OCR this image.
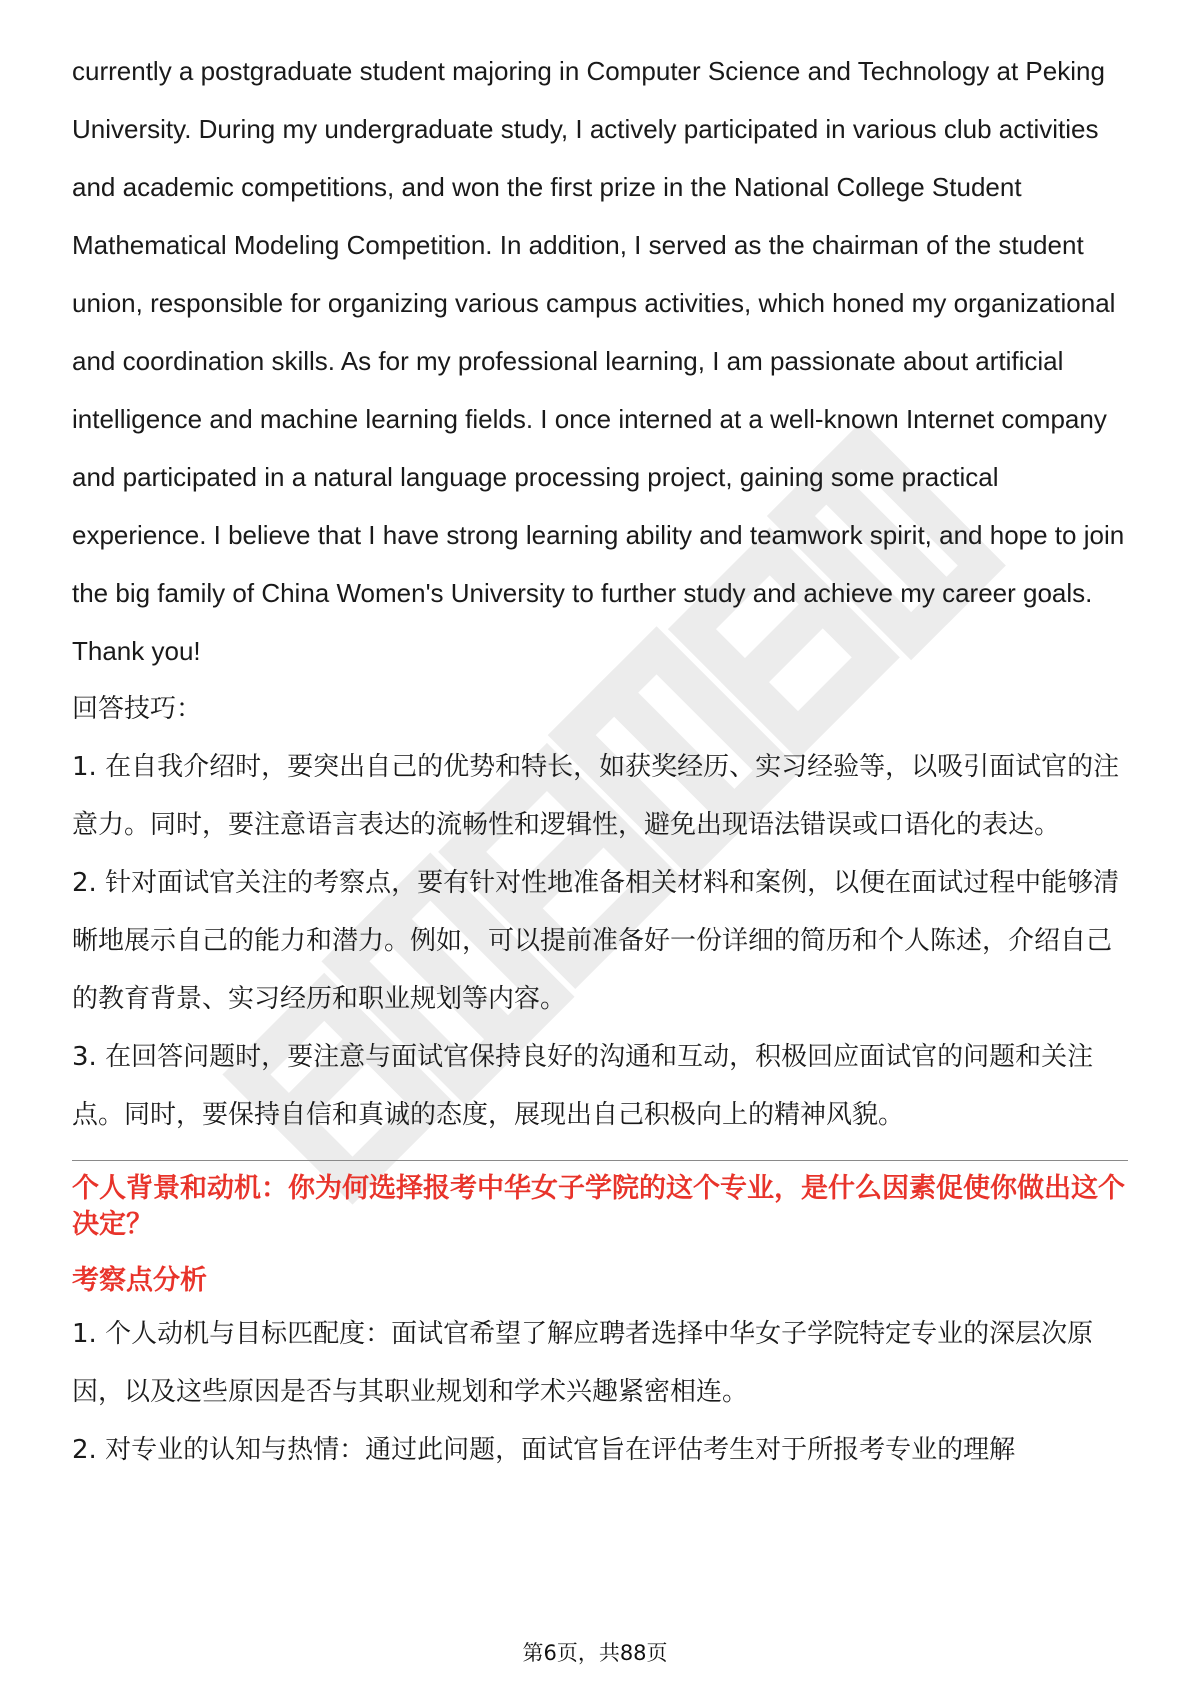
currently a postgraduate student majoring in Computer Science and Technology at Peking University. During my undergraduate study, I actively participated in various club activities and academic competitions, and won the first prize in the National College Student Mathematical Modeling Competition. In addition, I served as the chairman of the student union, responsible for organizing various campus activities, which honed my organizational and coordination skills. As for my professional learning, I am passionate about artificial intelligence and machine learning fields. I once interned at a well-known Internet company and participated in a natural language processing project, gaining some practical experience. I believe that I have strong learning ability and teamwork spirit, and hope to join the big family of China Women's University to further study and achieve my career goals. Thank you!

回答技巧：

1. 在自我介绍时，要突出自己的优势和特长，如获奖经历、实习经验等，以吸引面试官的注意力。同时，要注意语言表达的流畅性和逻辑性，避免出现语法错误或口语化的表达。

2. 针对面试官关注的考察点，要有针对性地准备相关材料和案例，以便在面试过程中能够清晰地展示自己的能力和潜力。例如，可以提前准备好一份详细的简历和个人陈述，介绍自己的教育背景、实习经历和职业规划等内容。

3. 在回答问题时，要注意与面试官保持良好的沟通和互动，积极回应面试官的问题和关注点。同时，要保持自信和真诚的态度，展现出自己积极向上的精神风貌。

个人背景和动机：你为何选择报考中华女子学院的这个专业，是什么因素促使你做出这个决定？

考察点分析

1. 个人动机与目标匹配度：面试官希望了解应聘者选择中华女子学院特定专业的深层次原因，以及这些原因是否与其职业规划和学术兴趣紧密相连。

2. 对专业的认知与热情：通过此问题，面试官旨在评估考生对于所报考专业的理解

第6页，共88页
